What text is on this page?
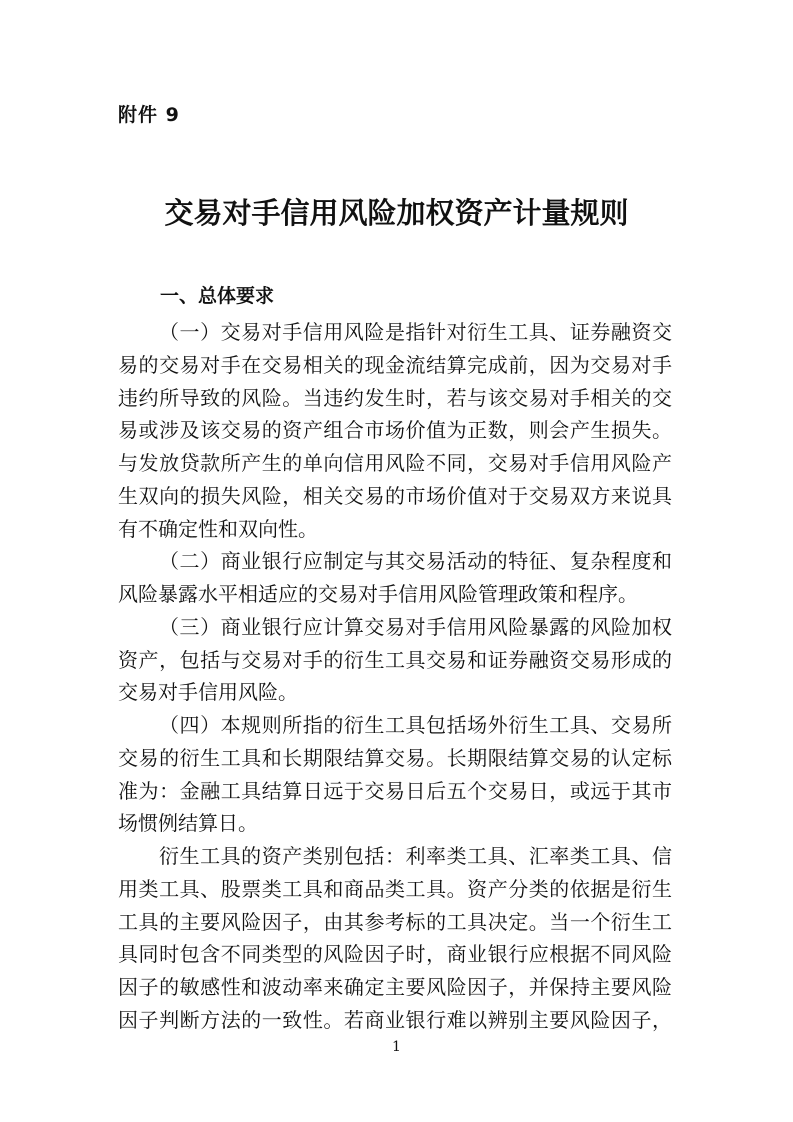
附件 9
交易对手信用风险加权资产计量规则
一、总体要求
（一）交易对手信用风险是指针对衍生工具、证券融资交
易的交易对手在交易相关的现金流结算完成前，因为交易对手
违约所导致的风险。当违约发生时，若与该交易对手相关的交
易或涉及该交易的资产组合市场价值为正数，则会产生损失。
与发放贷款所产生的单向信用风险不同，交易对手信用风险产
生双向的损失风险，相关交易的市场价值对于交易双方来说具
有不确定性和双向性。
（二）商业银行应制定与其交易活动的特征、复杂程度和
风险暴露水平相适应的交易对手信用风险管理政策和程序。
（三）商业银行应计算交易对手信用风险暴露的风险加权
资产，包括与交易对手的衍生工具交易和证券融资交易形成的
交易对手信用风险。
（四）本规则所指的衍生工具包括场外衍生工具、交易所
交易的衍生工具和长期限结算交易。长期限结算交易的认定标
准为：金融工具结算日远于交易日后五个交易日，或远于其市
场惯例结算日。
衍生工具的资产类别包括：利率类工具、汇率类工具、信
用类工具、股票类工具和商品类工具。资产分类的依据是衍生
工具的主要风险因子，由其参考标的工具决定。当一个衍生工
具同时包含不同类型的风险因子时，商业银行应根据不同风险
因子的敏感性和波动率来确定主要风险因子，并保持主要风险
因子判断方法的一致性。若商业银行难以辨别主要风险因子，
1
